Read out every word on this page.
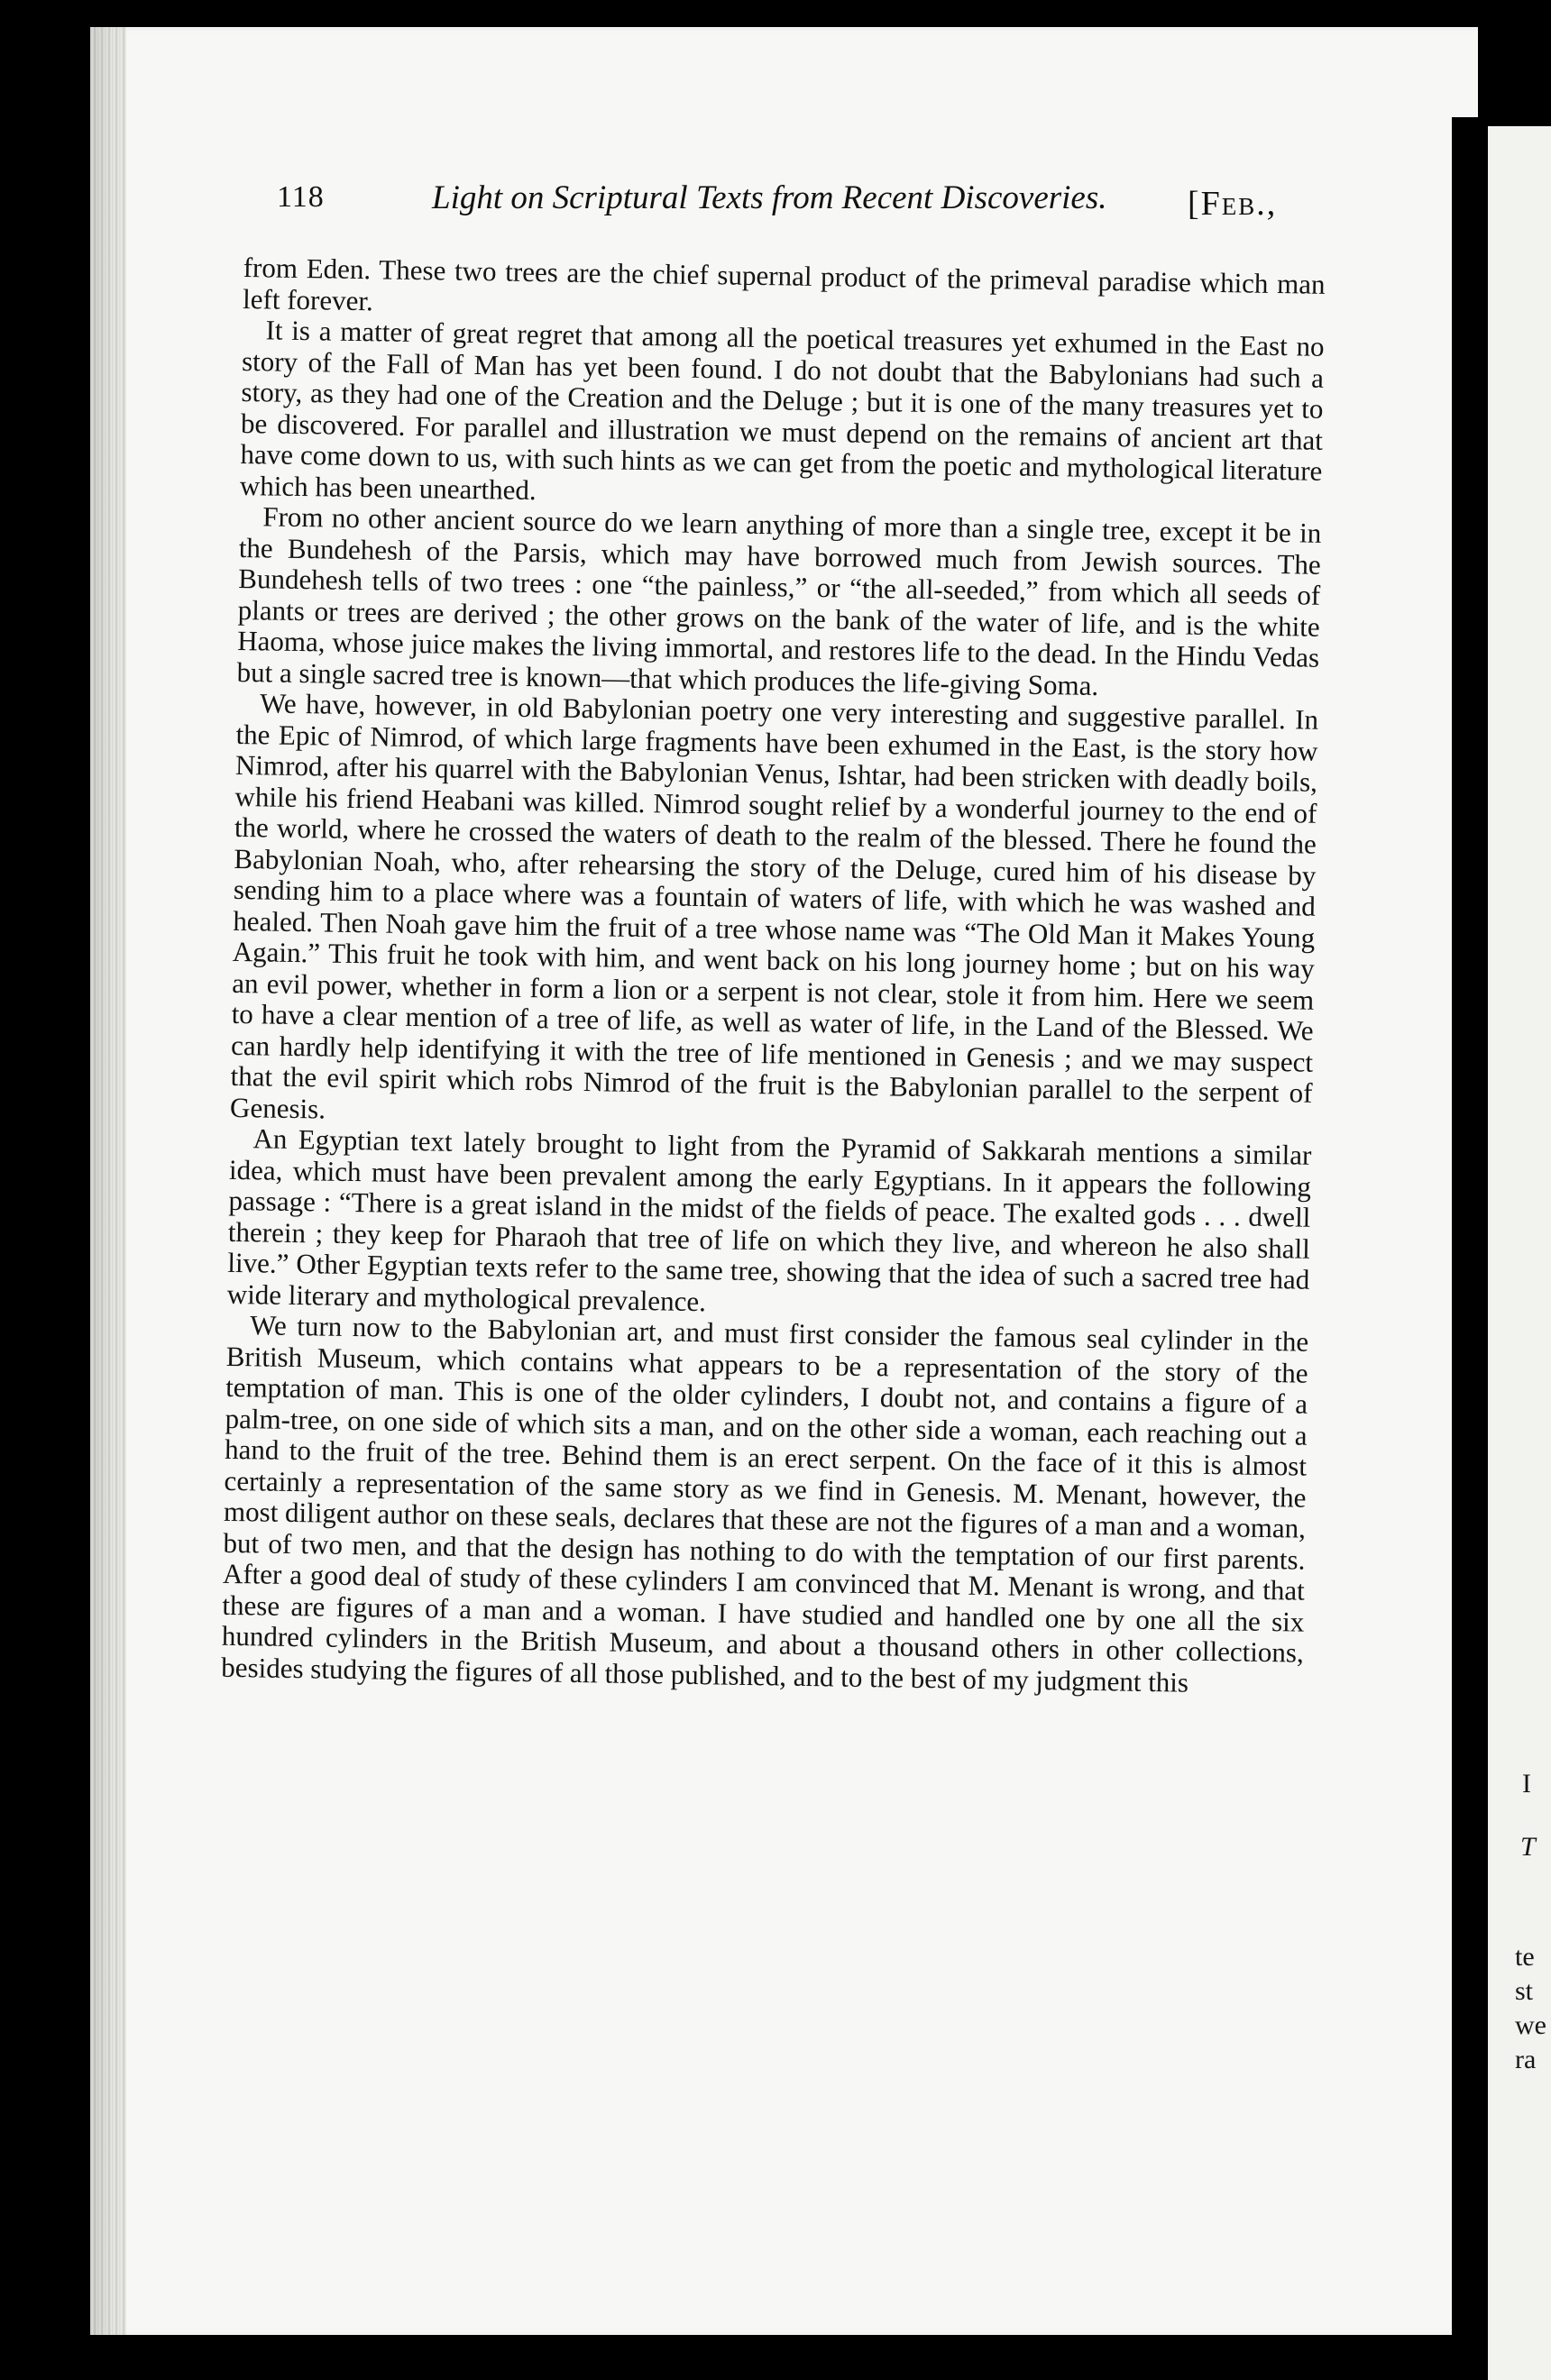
118	Light on Scriptural Texts from Recent Discoveries. [Feb.,

from Eden. These two trees are the chief supernal product of the primeval paradise which man left forever.

It is a matter of great regret that among all the poetical treasures yet exhumed in the East no story of the Fall of Man has yet been found. I do not doubt that the Babylonians had such a story, as they had one of the Creation and the Deluge ; but it is one of the many treasures yet to be discovered. For parallel and illustration we must depend on the remains of ancient art that have come down to us, with such hints as we can get from the poetic and mythological literature which has been unearthed.

From no other ancient source do we learn anything of more than a single tree, except it be in the Bundehesh of the Parsis, which may have borrowed much from Jewish sources. The Bundehesh tells of two trees : one “the painless,” or “the all-seeded,” from which all seeds of plants or trees are derived ; the other grows on the bank of the water of life, and is the white Haoma, whose juice makes the living immortal, and restores life to the dead. In the Hindu Vedas but a single sacred tree is known—that which produces the life-giving Soma.

We have, however, in old Babylonian poetry one very interesting and suggestive parallel. In the Epic of Nimrod, of which large fragments have been exhumed in the East, is the story how Nimrod, after his quarrel with the Babylonian Venus, Ishtar, had been stricken with deadly boils, while his friend Heabani was killed. Nimrod sought relief by a wonderful journey to the end of the world, where he crossed the waters of death to the realm of the blessed. There he found the Babylonian Noah, who, after rehearsing the story of the Deluge, cured him of his disease by sending him to a place where was a fountain of waters of life, with which he was washed and healed. Then Noah gave him the fruit of a tree whose name was “The Old Man it Makes Young Again.” This fruit he took with him, and went back on his long journey home ; but on his way an evil power, whether in form a lion or a serpent is not clear, stole it from him. Here we seem to have a clear mention of a tree of life, as well as water of life, in the Land of the Blessed. We can hardly help identifying it with the tree of life mentioned in Genesis ; and we may suspect that the evil spirit which robs Nimrod of the fruit is the Babylonian parallel to the serpent of Genesis.

An Egyptian text lately brought to light from the Pyramid of Sakkarah mentions a similar idea, which must have been prevalent among the early Egyptians. In it appears the following passage : “There is a great island in the midst of the fields of peace. The exalted gods . . . dwell therein ; they keep for Pharaoh that tree of life on which they live, and whereon he also shall live.” Other Egyptian texts refer to the same tree, showing that the idea of such a sacred tree had wide literary and mythological prevalence.

We turn now to the Babylonian art, and must first consider the famous seal cylinder in the British Museum, which contains what appears to be a representation of the story of the temptation of man. This is one of the older cylinders, I doubt not, and contains a figure of a palm-tree, on one side of which sits a man, and on the other side a woman, each reaching out a hand to the fruit of the tree. Behind them is an erect serpent. On the face of it this is almost certainly a representation of the same story as we find in Genesis. M. Menant, however, the most diligent author on these seals, declares that these are not the figures of a man and a woman, but of two men, and that the design has nothing to do with the temptation of our first parents. After a good deal of study of these cylinders I am convinced that M. Menant is wrong, and that these are figures of a man and a woman. I have studied and handled one by one all the six hundred cylinders in the British Museum, and about a thousand others in other collections, besides studying the figures of all those published, and to the best of my judgment this

I
T
te
st
we
ra
